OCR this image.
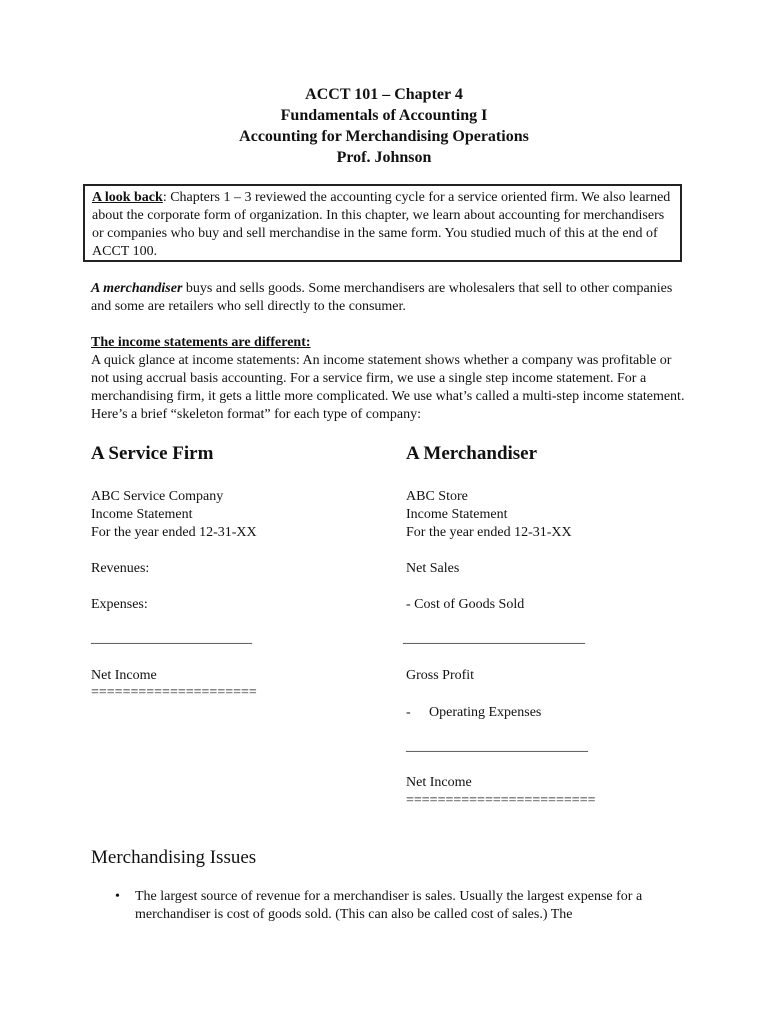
ACCT 101 – Chapter 4
Fundamentals of Accounting I
Accounting for Merchandising Operations
Prof. Johnson
A look back: Chapters 1 – 3 reviewed the accounting cycle for a service oriented firm. We also learned about the corporate form of organization. In this chapter, we learn about accounting for merchandisers or companies who buy and sell merchandise in the same form. You studied much of this at the end of ACCT 100.
A merchandiser buys and sells goods. Some merchandisers are wholesalers that sell to other companies and some are retailers who sell directly to the consumer.
The income statements are different:
A quick glance at income statements: An income statement shows whether a company was profitable or not using accrual basis accounting. For a service firm, we use a single step income statement. For a merchandising firm, it gets a little more complicated. We use what’s called a multi-step income statement. Here’s a brief “skeleton format” for each type of company:
A Service Firm
ABC Service Company
Income Statement
For the year ended 12-31-XX
Revenues:
Expenses:
_______________________
Net Income
=====================
A Merchandiser
ABC Store
Income Statement
For the year ended 12-31-XX
Net Sales
- Cost of Goods Sold
__________________________
Gross Profit
- Operating Expenses
__________________________
Net Income
========================
Merchandising Issues
• The largest source of revenue for a merchandiser is sales. Usually the largest expense for a merchandiser is cost of goods sold. (This can also be called cost of sales.) The
